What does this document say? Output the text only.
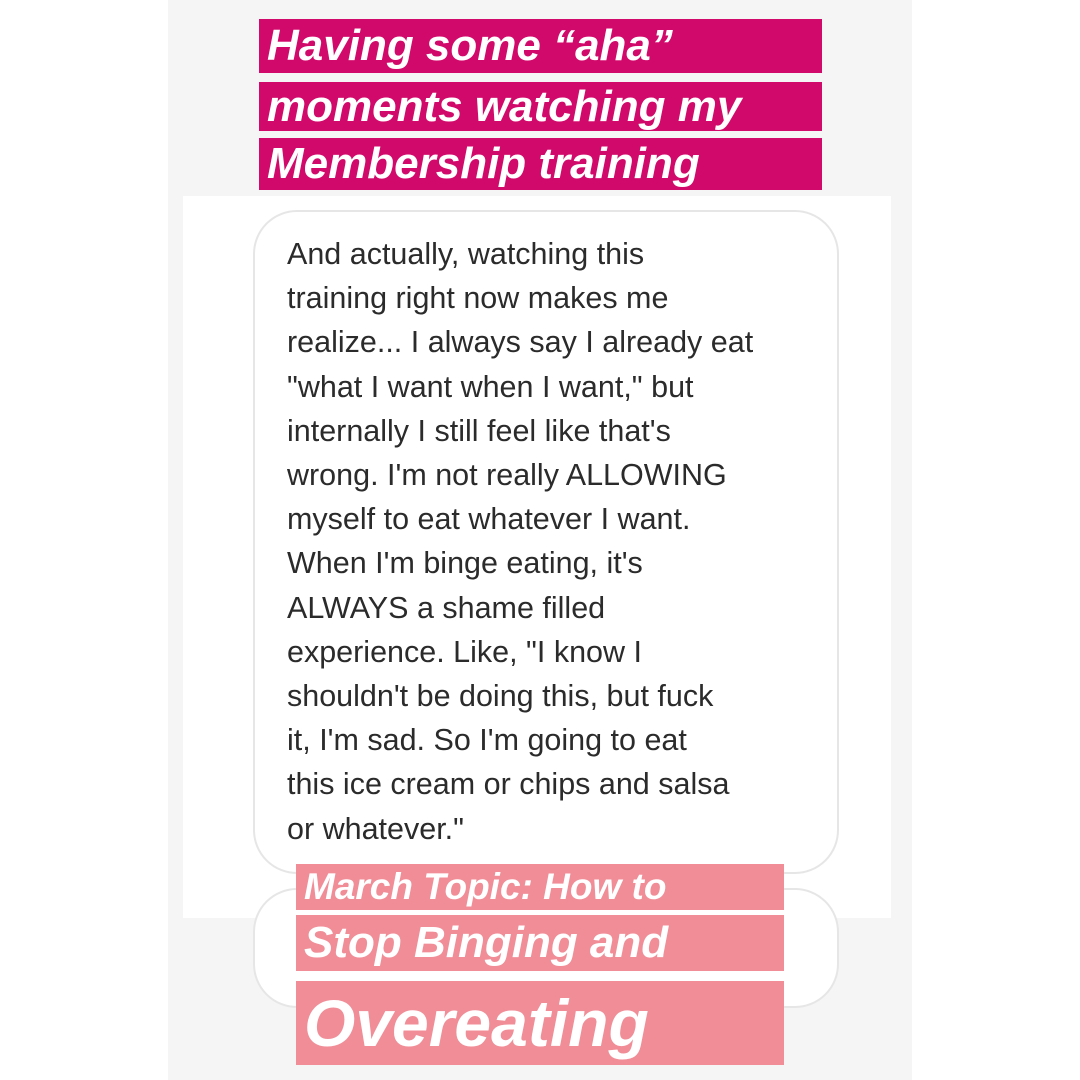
And actually, watching this
training right now makes me
realize... I always say I already eat
"what I want when I want," but
internally I still feel like that's
wrong. I'm not really ALLOWING
myself to eat whatever I want.
When I'm binge eating, it's
ALWAYS a shame filled
experience. Like, "I know I
shouldn't be doing this, but fuck
it, I'm sad. So I'm going to eat
this ice cream or chips and salsa
or whatever."

Having some “aha”
moments watching my
Membership training
March Topic: How to
Stop Binging and
Overeating
